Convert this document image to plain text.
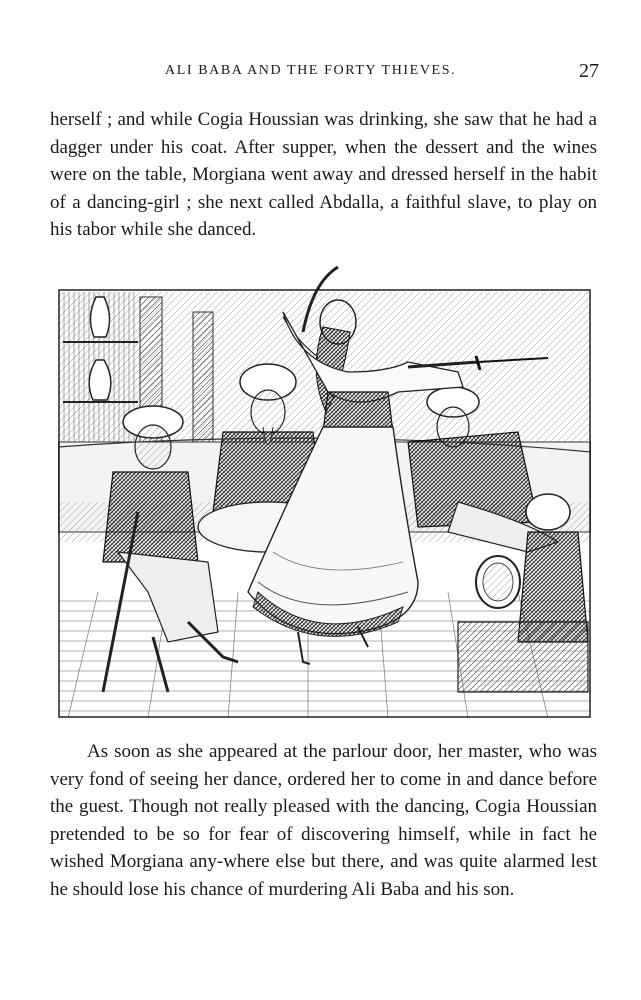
ALI BABA AND THE FORTY THIEVES.	27

herself ; and while Cogia Houssian was drinking, she saw that he had a dagger under his coat. After supper, when the dessert and the wines were on the table, Morgiana went away and dressed herself in the habit of a dancing-girl ; she next called Abdalla, a faithful slave, to play on his tabor while she danced.

As soon as she appeared at the parlour door, her master, who was very fond of seeing her dance, ordered her to come in and dance before the guest. Though not really pleased with the dancing, Cogia Houssian pretended to be so for fear of discovering himself, while in fact he wished Morgiana any-where else but there, and was quite alarmed lest he should lose his chance of murdering Ali Baba and his son.
